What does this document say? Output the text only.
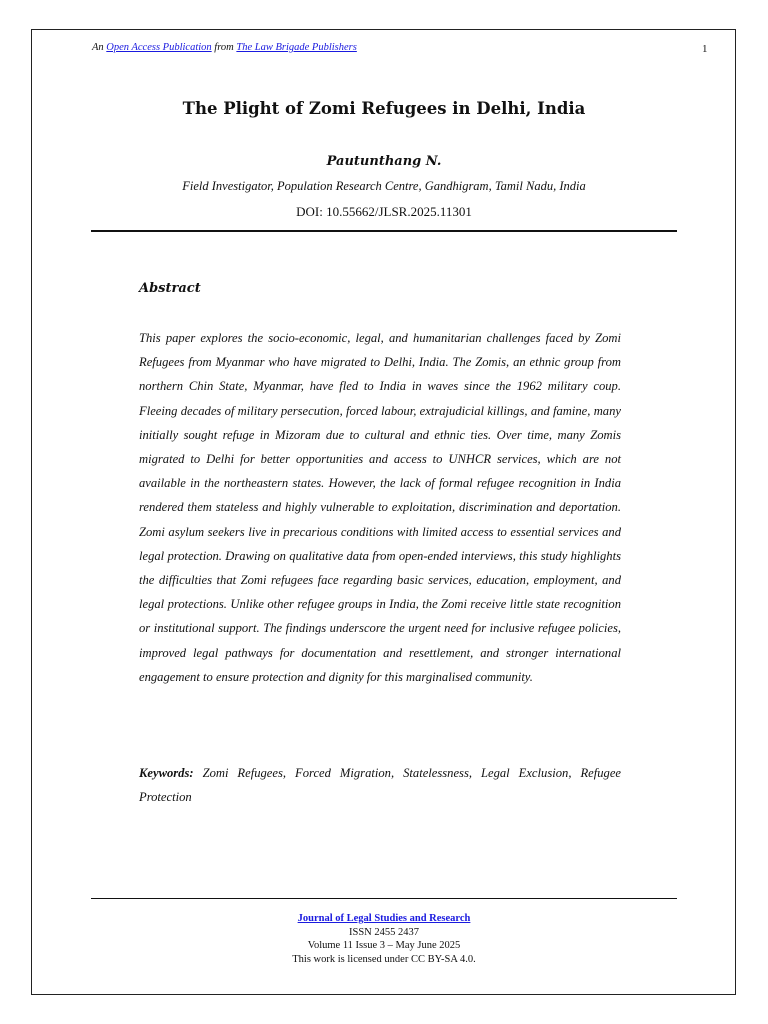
An Open Access Publication from The Law Brigade Publishers	1
The Plight of Zomi Refugees in Delhi, India
Pautunthang N.
Field Investigator, Population Research Centre, Gandhigram, Tamil Nadu, India
DOI: 10.55662/JLSR.2025.11301
Abstract
This paper explores the socio-economic, legal, and humanitarian challenges faced by Zomi Refugees from Myanmar who have migrated to Delhi, India. The Zomis, an ethnic group from northern Chin State, Myanmar, have fled to India in waves since the 1962 military coup. Fleeing decades of military persecution, forced labour, extrajudicial killings, and famine, many initially sought refuge in Mizoram due to cultural and ethnic ties. Over time, many Zomis migrated to Delhi for better opportunities and access to UNHCR services, which are not available in the northeastern states. However, the lack of formal refugee recognition in India rendered them stateless and highly vulnerable to exploitation, discrimination and deportation. Zomi asylum seekers live in precarious conditions with limited access to essential services and legal protection. Drawing on qualitative data from open-ended interviews, this study highlights the difficulties that Zomi refugees face regarding basic services, education, employment, and legal protections. Unlike other refugee groups in India, the Zomi receive little state recognition or institutional support. The findings underscore the urgent need for inclusive refugee policies, improved legal pathways for documentation and resettlement, and stronger international engagement to ensure protection and dignity for this marginalised community.
Keywords: Zomi Refugees, Forced Migration, Statelessness, Legal Exclusion, Refugee Protection
Journal of Legal Studies and Research
ISSN 2455 2437
Volume 11 Issue 3 – May June 2025
This work is licensed under CC BY-SA 4.0.
